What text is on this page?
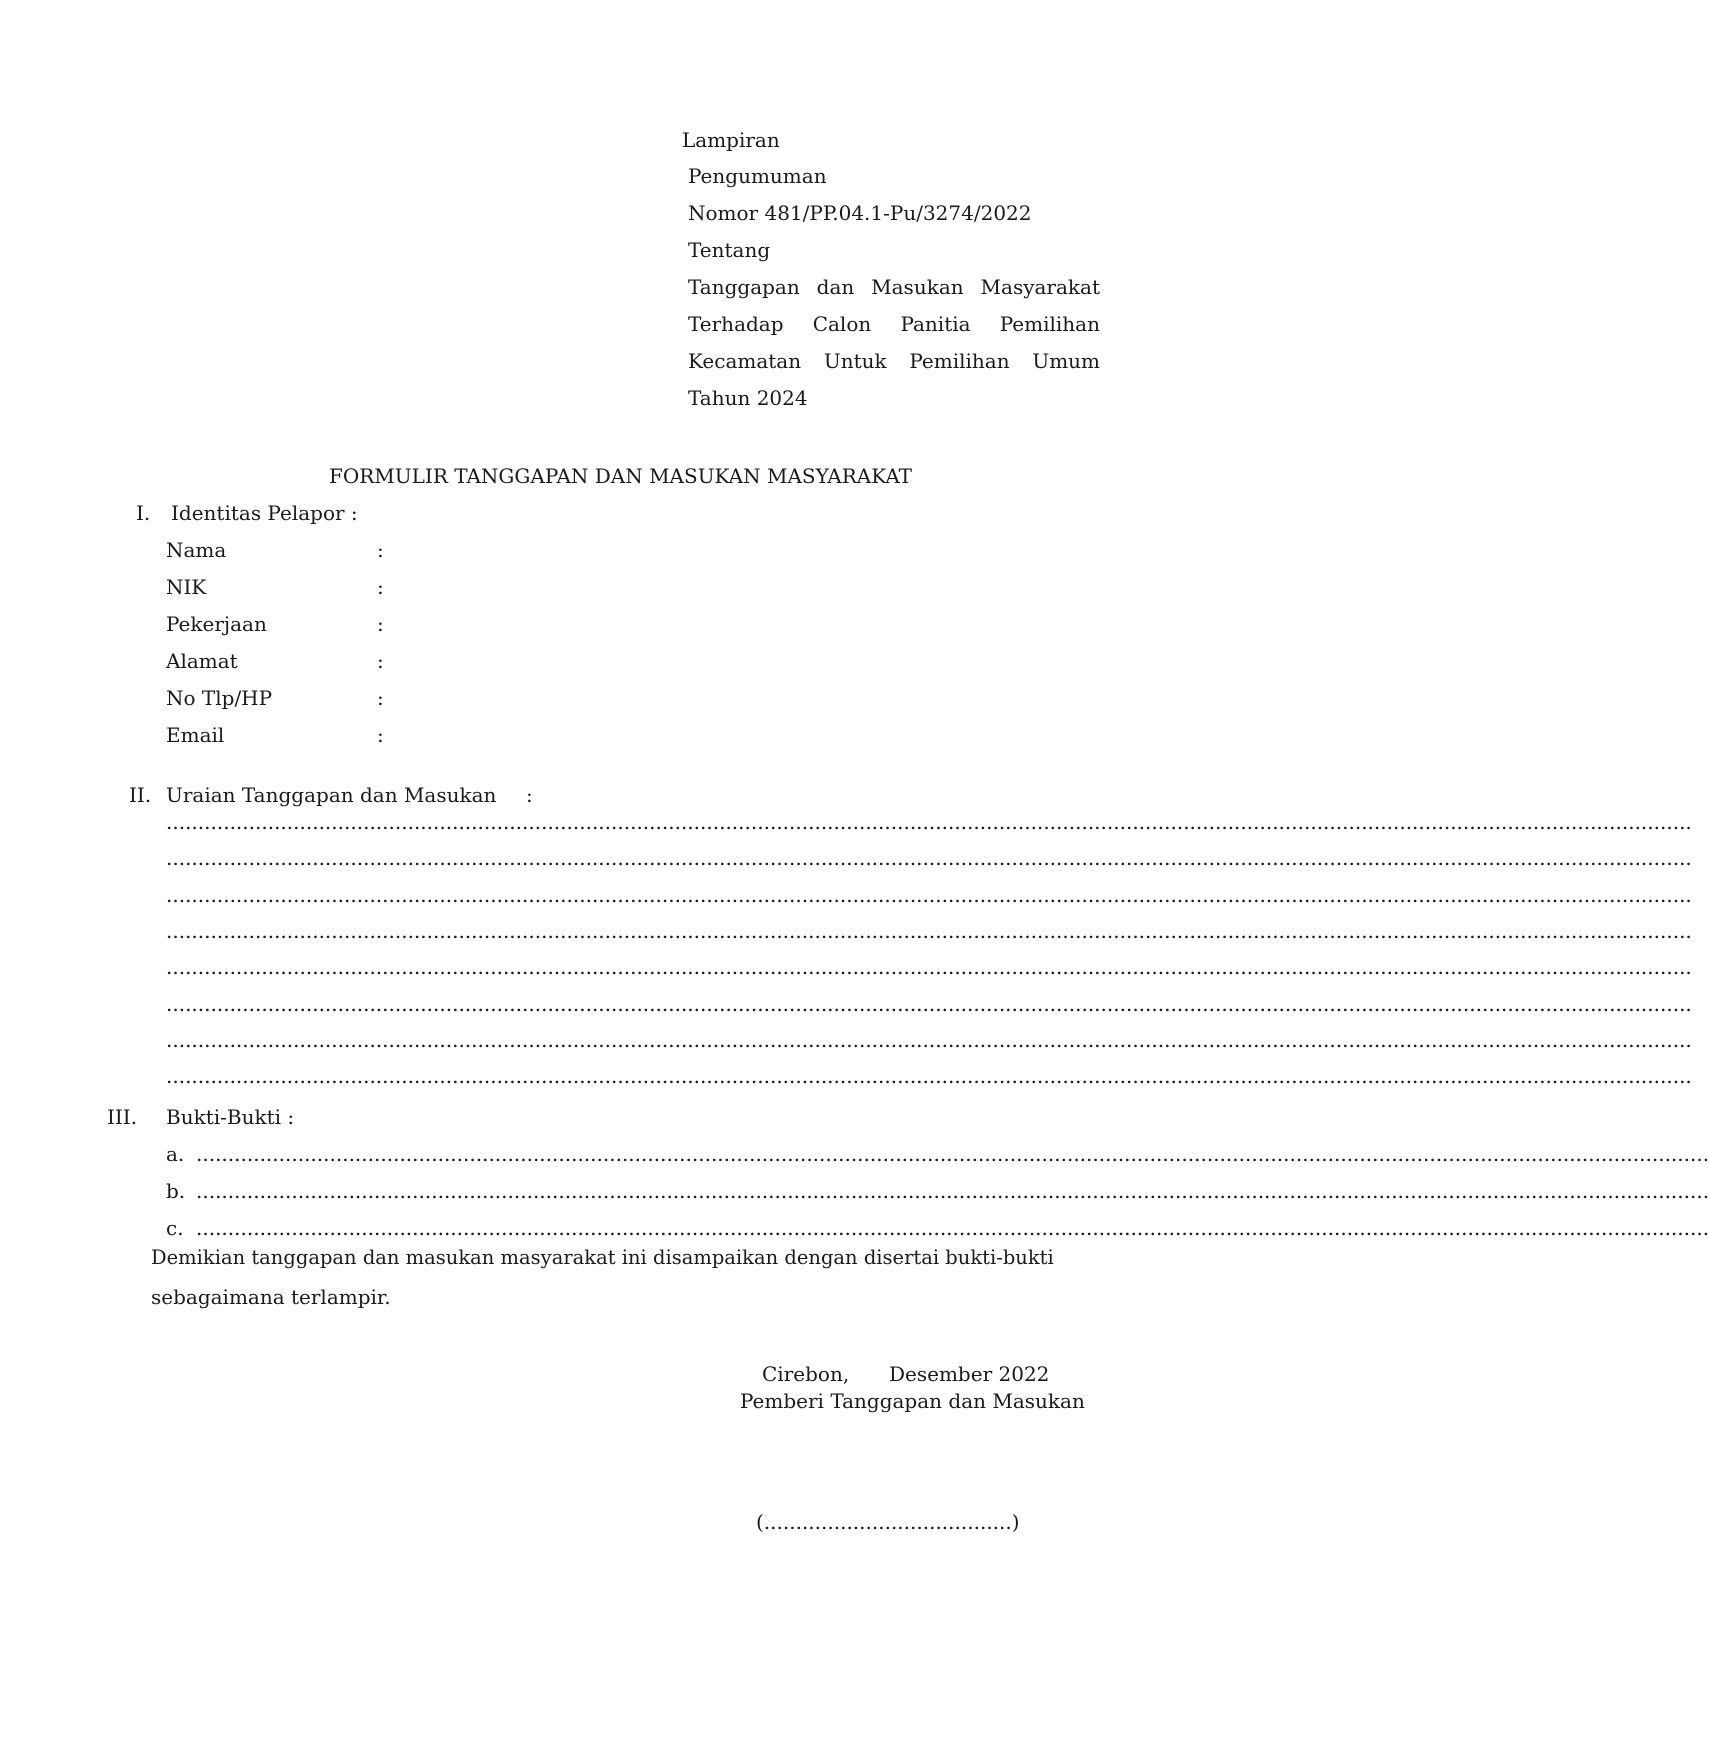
Lampiran
Pengumuman
Nomor 481/PP.04.1-Pu/3274/2022
Tentang
Tanggapan dan Masukan Masyarakat
Terhadap Calon Panitia Pemilihan
Kecamatan Untuk Pemilihan Umum
Tahun 2024
FORMULIR TANGGAPAN DAN MASUKAN MASYARAKAT
I. Identitas Pelapor :
Nama	:
NIK	:
Pekerjaan	:
Alamat	:
No Tlp/HP	:
Email	:
II. Uraian Tanggapan dan Masukan :
................................................................................................................................................................................................................................................
................................................................................................................................................................................................................................................
................................................................................................................................................................................................................................................
................................................................................................................................................................................................................................................
................................................................................................................................................................................................................................................
................................................................................................................................................................................................................................................
................................................................................................................................................................................................................................................
................................................................................................................................................................................................................................................
III. Bukti-Bukti :
a. ..............................................................................................................................................................................................................................................
b. ..............................................................................................................................................................................................................................................
c. ..............................................................................................................................................................................................................................................
Demikian tanggapan dan masukan masyarakat ini disampaikan dengan disertai bukti-bukti
sebagaimana terlampir.
Cirebon, Desember 2022
Pemberi Tanggapan dan Masukan
(.......................................)
